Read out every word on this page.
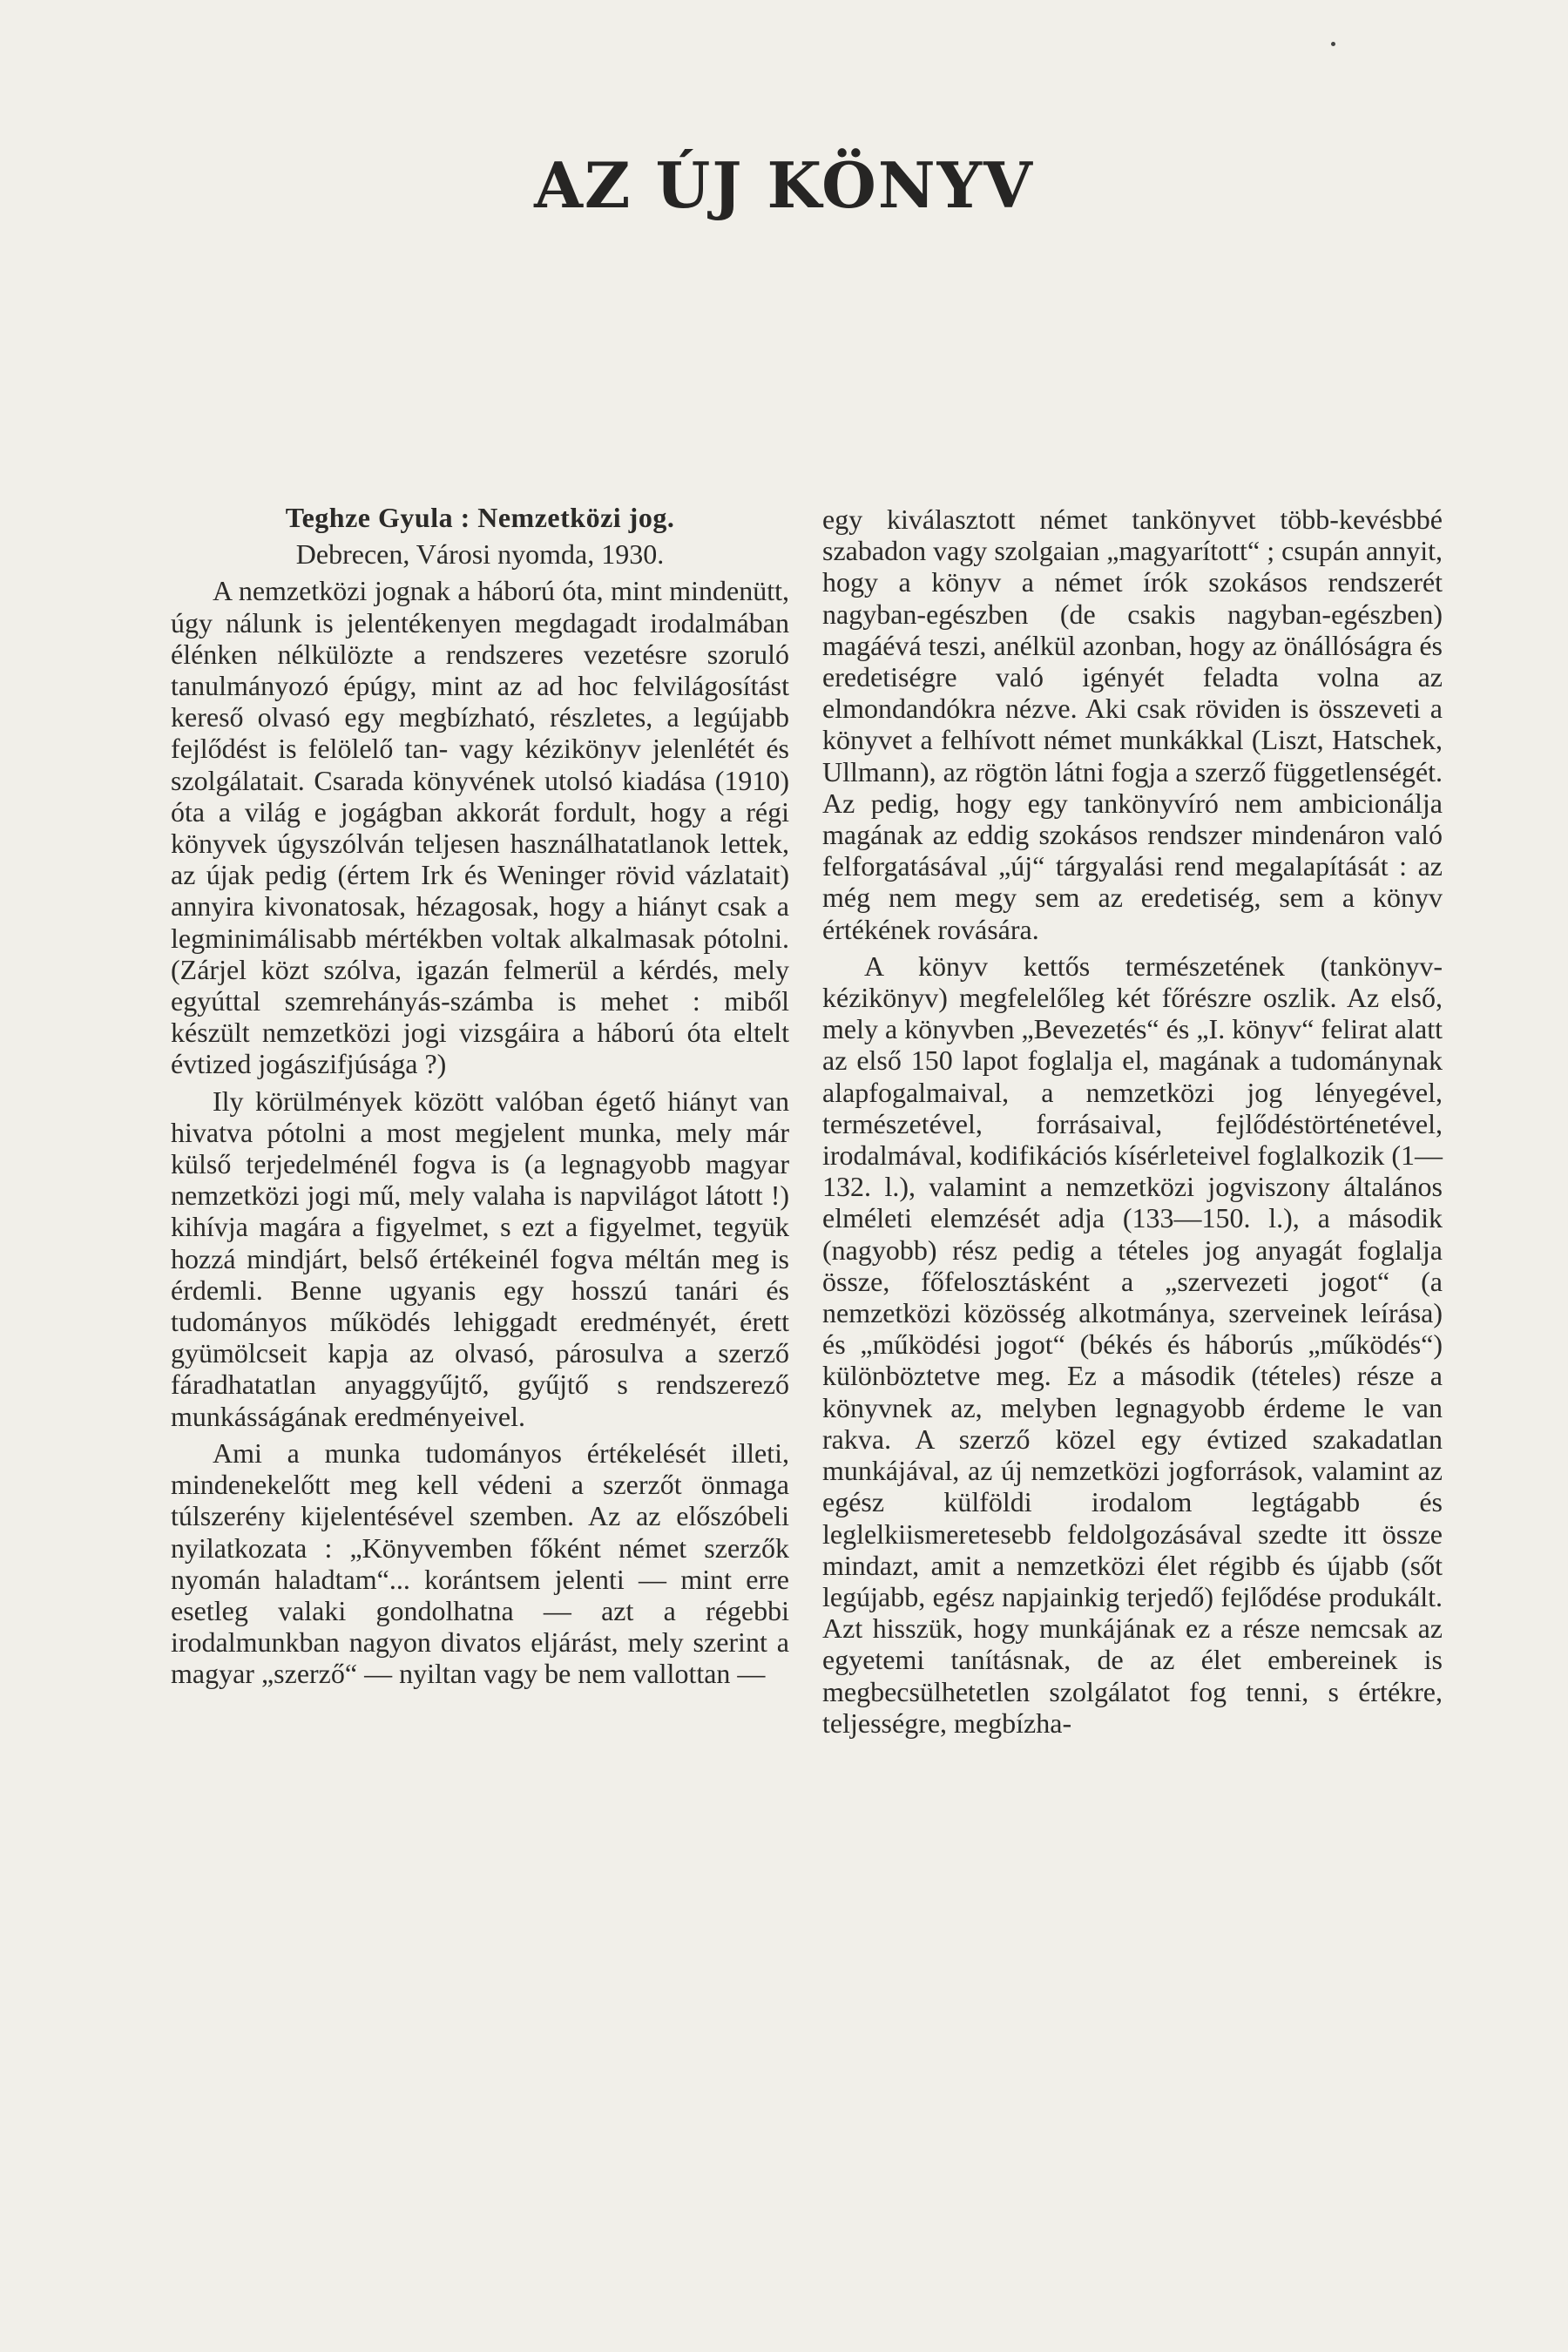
AZ ÚJ KÖNYV

Teghze Gyula : Nemzetközi jog.

Debrecen, Városi nyomda, 1930.

A nemzetközi jognak a háború óta, mint mindenütt, úgy nálunk is jelentékenyen megdagadt irodalmában élénken nélkülözte a rendszeres vezetésre szoruló tanulmányozó épúgy, mint az ad hoc felvilágosítást kereső olvasó egy megbízható, részletes, a legújabb fejlődést is felölelő tan- vagy kézikönyv jelenlétét és szolgálatait. Csarada könyvének utolsó kiadása (1910) óta a világ e jogágban akkorát fordult, hogy a régi könyvek úgyszólván teljesen használhatatlanok lettek, az újak pedig (értem Irk és Weninger rövid vázlatait) annyira kivonatosak, hézagosak, hogy a hiányt csak a legminimálisabb mértékben voltak alkalmasak pótolni. (Zárjel közt szólva, igazán felmerül a kérdés, mely egyúttal szemrehányás-számba is mehet : miből készült nemzetközi jogi vizsgáira a háború óta eltelt évtized jogászifjúsága ?)

Ily körülmények között valóban égető hiányt van hivatva pótolni a most megjelent munka, mely már külső terjedelménél fogva is (a legnagyobb magyar nemzetközi jogi mű, mely valaha is napvilágot látott !) kihívja magára a figyelmet, s ezt a figyelmet, tegyük hozzá mindjárt, belső értékeinél fogva méltán meg is érdemli. Benne ugyanis egy hosszú tanári és tudományos működés lehiggadt eredményét, érett gyümölcseit kapja az olvasó, párosulva a szerző fáradhatatlan anyaggyűjtő, gyűjtő s rendszerező munkásságának eredményeivel.

Ami a munka tudományos értékelését illeti, mindenekelőtt meg kell védeni a szerzőt önmaga túlszerény kijelentésével szemben. Az az előszóbeli nyilatkozata : „Könyvemben főként német szerzők nyomán haladtam“... korántsem jelenti — mint erre esetleg valaki gondolhatna — azt a régebbi irodalmunkban nagyon divatos eljárást, mely szerint a magyar „szerző“ — nyiltan vagy be nem vallottan —

egy kiválasztott német tankönyvet több-kevésbbé szabadon vagy szolgaian „magyarított“ ; csupán annyit, hogy a könyv a német írók szokásos rendszerét nagyban-egészben (de csakis nagyban-egészben) magáévá teszi, anélkül azonban, hogy az önállóságra és eredetiségre való igényét feladta volna az elmondandókra nézve. Aki csak röviden is összeveti a könyvet a felhívott német munkákkal (Liszt, Hatschek, Ullmann), az rögtön látni fogja a szerző függetlenségét. Az pedig, hogy egy tankönyvíró nem ambicionálja magának az eddig szokásos rendszer mindenáron való felforgatásával „új“ tárgyalási rend megalapítását : az még nem megy sem az eredetiség, sem a könyv értékének rovására.

A könyv kettős természetének (tankönyv-kézikönyv) megfelelőleg két főrészre oszlik. Az első, mely a könyvben „Bevezetés“ és „I. könyv“ felirat alatt az első 150 lapot foglalja el, magának a tudománynak alapfogalmaival, a nemzetközi jog lényegével, természetével, forrásaival, fejlődéstörténetével, irodalmával, kodifikációs kísérleteivel foglalkozik (1—132. l.), valamint a nemzetközi jogviszony általános elméleti elemzését adja (133—150. l.), a második (nagyobb) rész pedig a tételes jog anyagát foglalja össze, főfelosztásként a „szervezeti jogot“ (a nemzetközi közösség alkotmánya, szerveinek leírása) és „működési jogot“ (békés és háborús „működés“) különböztetve meg. Ez a második (tételes) része a könyvnek az, melyben legnagyobb érdeme le van rakva. A szerző közel egy évtized szakadatlan munkájával, az új nemzetközi jogforrások, valamint az egész külföldi irodalom legtágabb és leglelkiismeretesebb feldolgozásával szedte itt össze mindazt, amit a nemzetközi élet régibb és újabb (sőt legújabb, egész napjainkig terjedő) fejlődése produkált. Azt hisszük, hogy munkájának ez a része nemcsak az egyetemi tanításnak, de az élet embereinek is megbecsülhetetlen szolgálatot fog tenni, s értékre, teljességre, megbízha-
